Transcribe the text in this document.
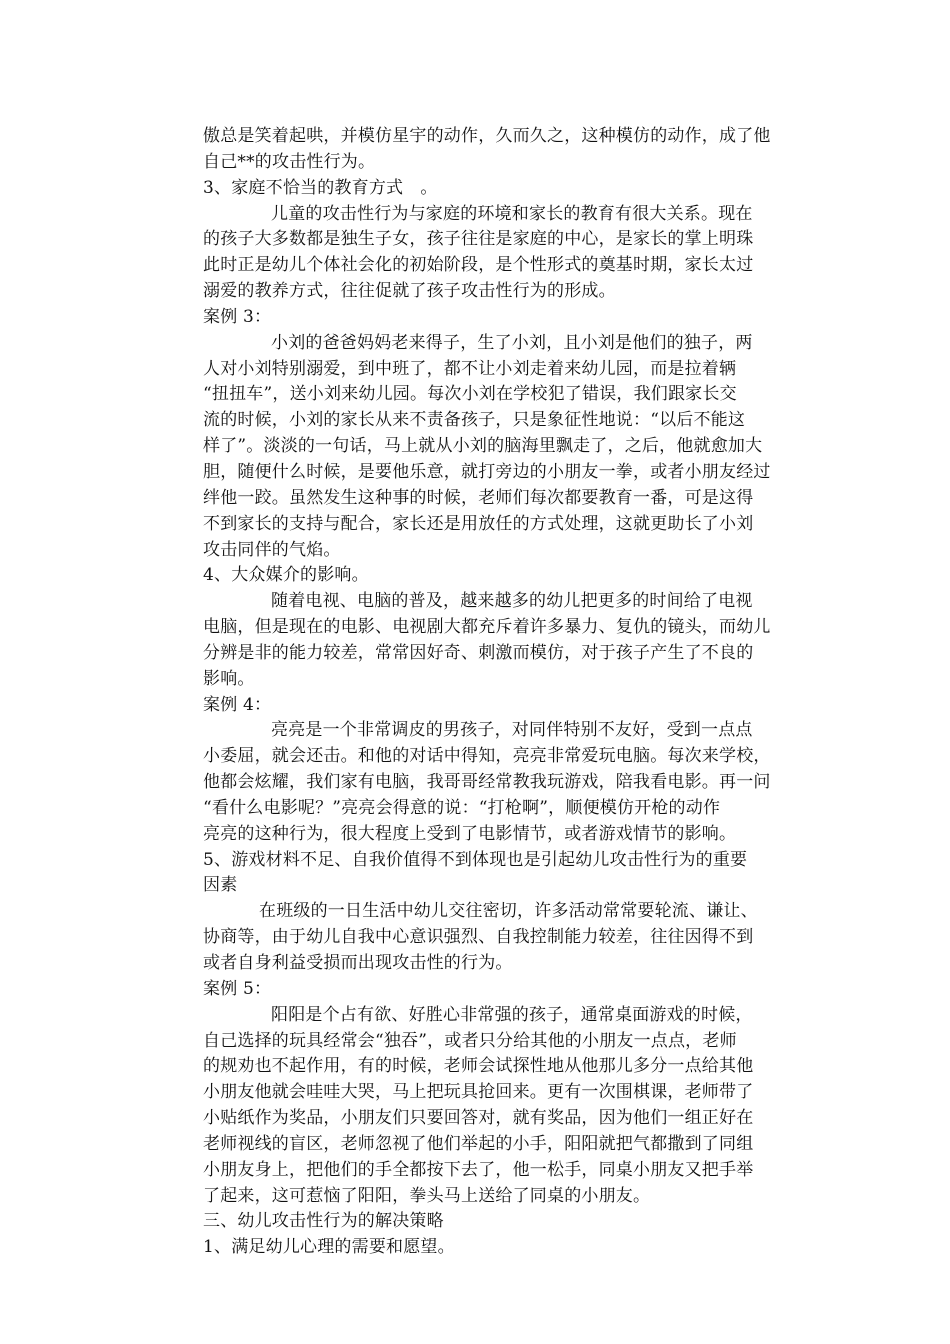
傲总是笑着起哄，并模仿星宇的动作，久而久之，这种模仿的动作，成了他
自己**的攻击性行为。
3、家庭不恰当的教育方式　。
儿童的攻击性行为与家庭的环境和家长的教育有很大关系。现在
的孩子大多数都是独生子女，孩子往往是家庭的中心，是家长的掌上明珠
此时正是幼儿个体社会化的初始阶段，是个性形式的奠基时期，家长太过
溺爱的教养方式，往往促就了孩子攻击性行为的形成。
案例 3：
小刘的爸爸妈妈老来得子，生了小刘，且小刘是他们的独子，两
人对小刘特别溺爱，到中班了，都不让小刘走着来幼儿园，而是拉着辆
“扭扭车”，送小刘来幼儿园。每次小刘在学校犯了错误，我们跟家长交
流的时候，小刘的家长从来不责备孩子，只是象征性地说：“以后不能这
样了”。淡淡的一句话，马上就从小刘的脑海里飘走了，之后，他就愈加大
胆，随便什么时候，是要他乐意，就打旁边的小朋友一拳，或者小朋友经过
绊他一跤。虽然发生这种事的时候，老师们每次都要教育一番，可是这得
不到家长的支持与配合，家长还是用放任的方式处理，这就更助长了小刘
攻击同伴的气焰。
4、大众媒介的影响。
随着电视、电脑的普及，越来越多的幼儿把更多的时间给了电视
电脑，但是现在的电影、电视剧大都充斥着许多暴力、复仇的镜头，而幼儿
分辨是非的能力较差，常常因好奇、刺激而模仿，对于孩子产生了不良的
影响。
案例 4：
亮亮是一个非常调皮的男孩子，对同伴特别不友好，受到一点点
小委屈，就会还击。和他的对话中得知，亮亮非常爱玩电脑。每次来学校，
他都会炫耀，我们家有电脑，我哥哥经常教我玩游戏，陪我看电影。再一问
“看什么电影呢？”亮亮会得意的说：“打枪啊”，顺便模仿开枪的动作
亮亮的这种行为，很大程度上受到了电影情节，或者游戏情节的影响。
5、游戏材料不足、自我价值得不到体现也是引起幼儿攻击性行为的重要
因素
在班级的一日生活中幼儿交往密切，许多活动常常要轮流、谦让、
协商等，由于幼儿自我中心意识强烈、自我控制能力较差，往往因得不到
或者自身利益受损而出现攻击性的行为。
案例 5：
阳阳是个占有欲、好胜心非常强的孩子，通常桌面游戏的时候，
自己选择的玩具经常会“独吞”，或者只分给其他的小朋友一点点，老师
的规劝也不起作用，有的时候，老师会试探性地从他那儿多分一点给其他
小朋友他就会哇哇大哭，马上把玩具抢回来。更有一次围棋课，老师带了
小贴纸作为奖品，小朋友们只要回答对，就有奖品，因为他们一组正好在
老师视线的盲区，老师忽视了他们举起的小手，阳阳就把气都撒到了同组
小朋友身上，把他们的手全都按下去了，他一松手，同桌小朋友又把手举
了起来，这可惹恼了阳阳，拳头马上送给了同桌的小朋友。
三、幼儿攻击性行为的解决策略
1、满足幼儿心理的需要和愿望。
